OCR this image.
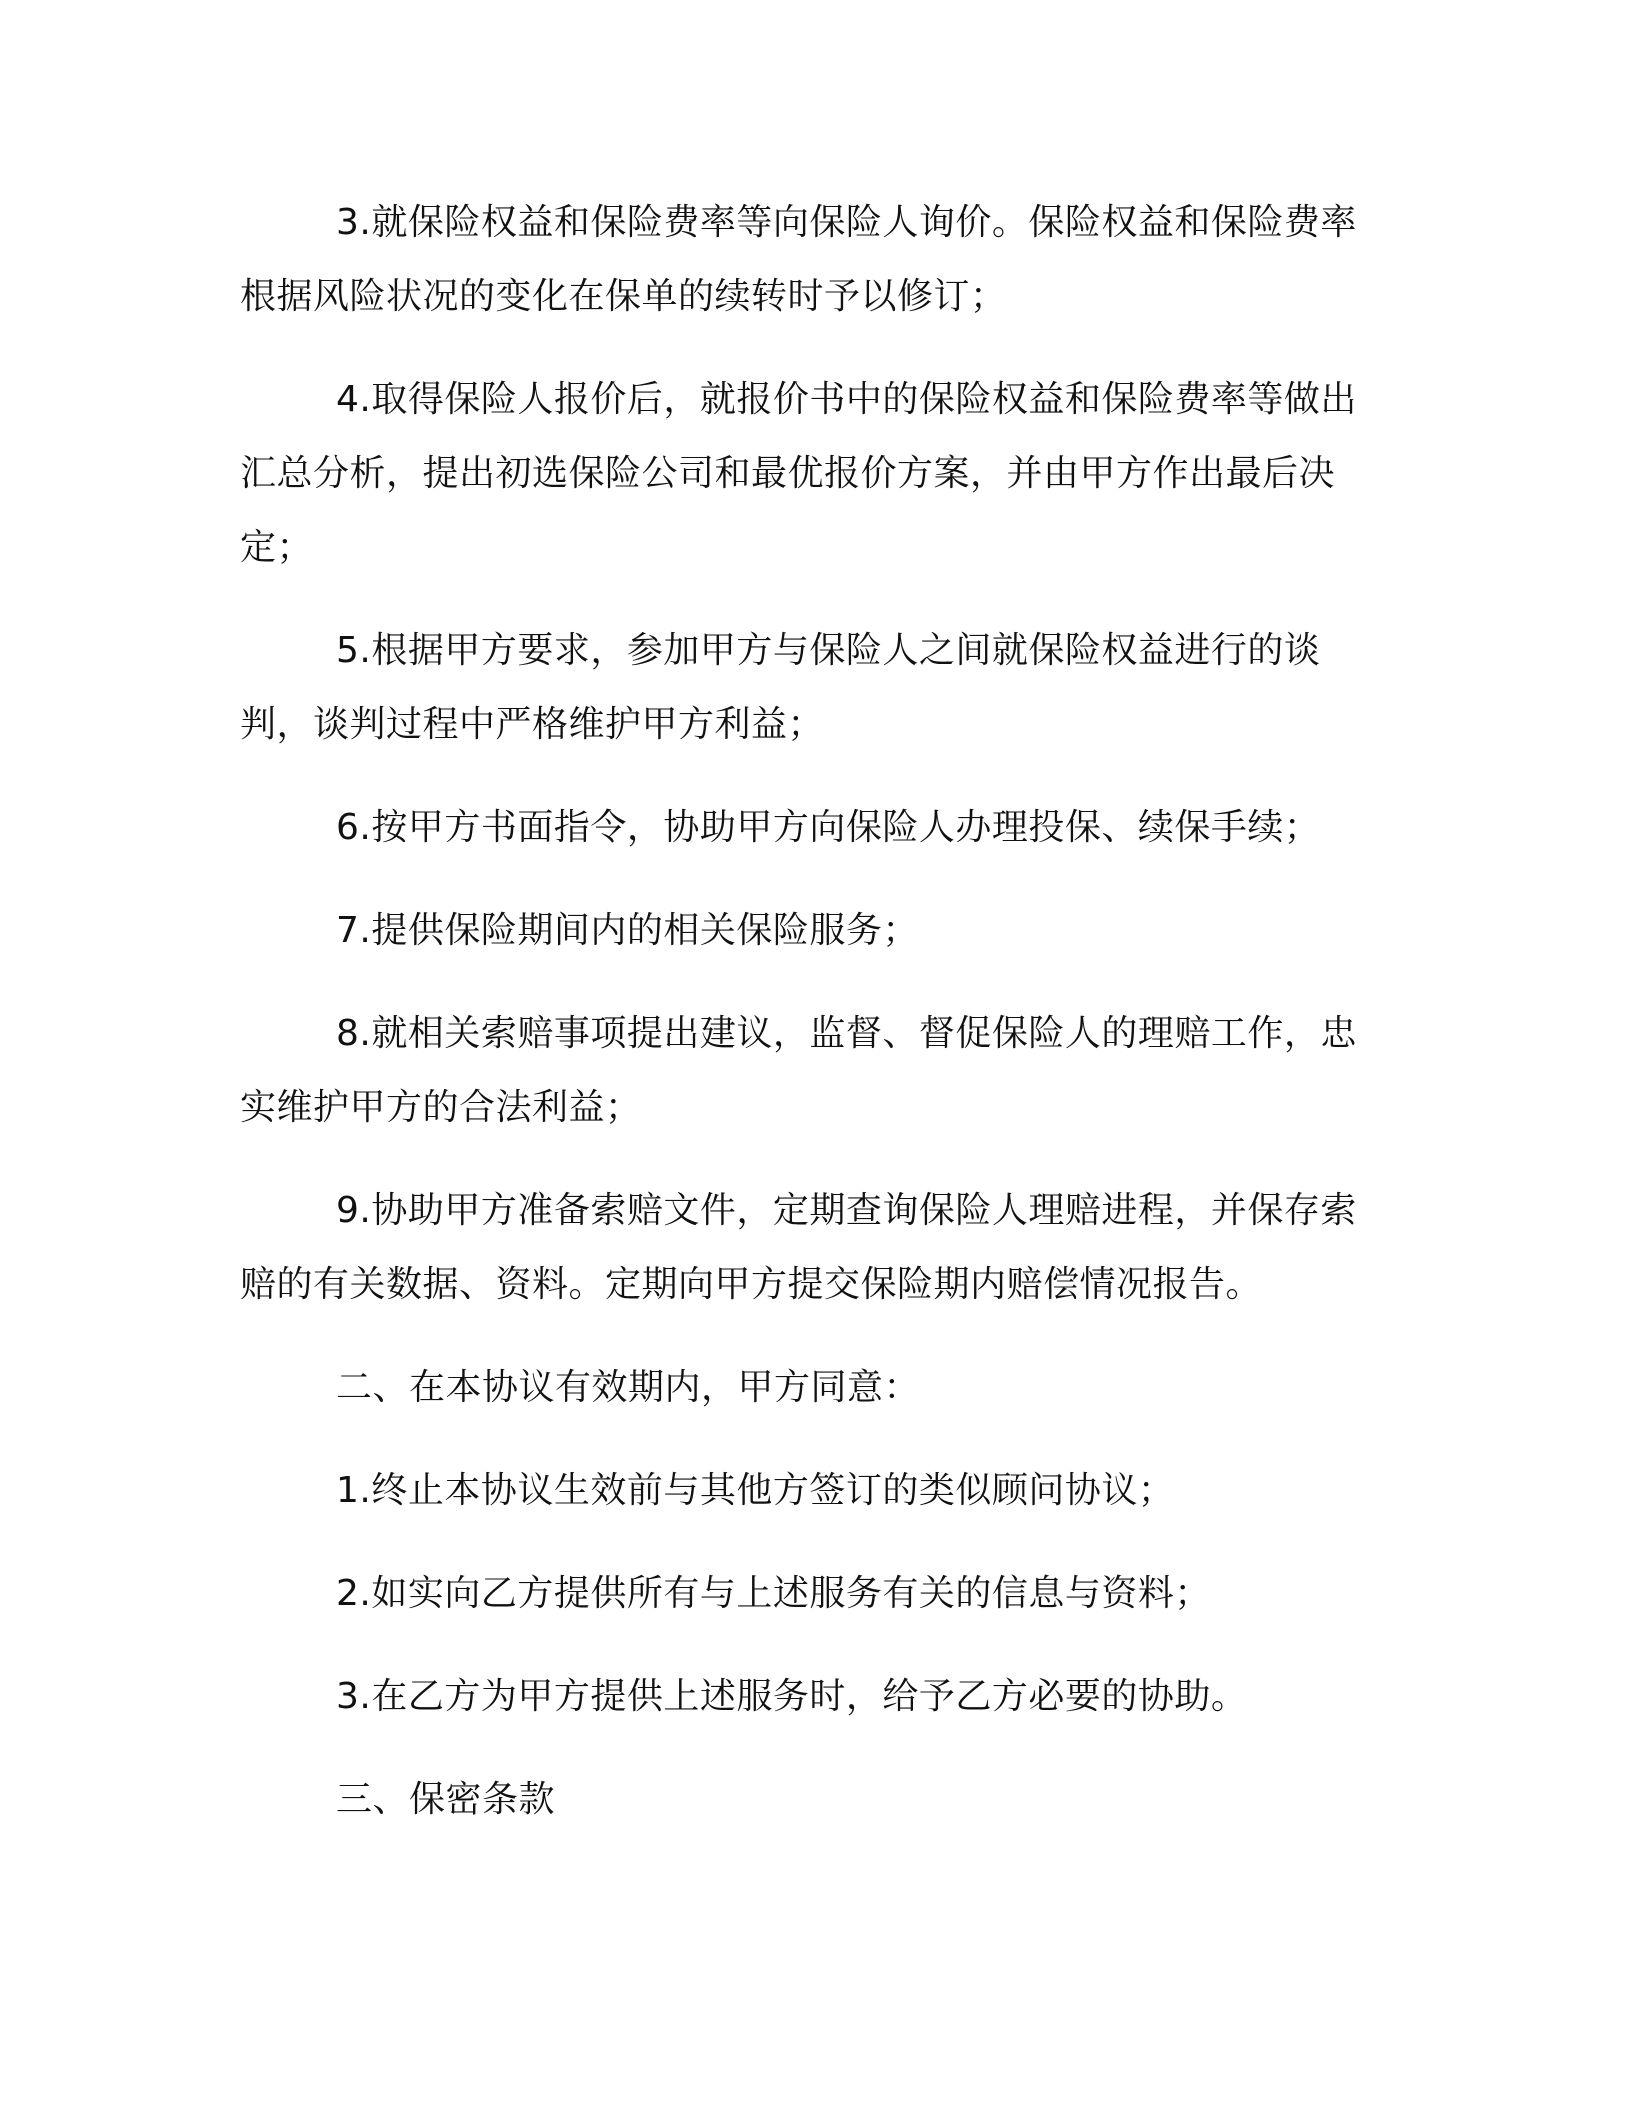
3.就保险权益和保险费率等向保险人询价。保险权益和保险费率根据风险状况的变化在保单的续转时予以修订；

4.取得保险人报价后，就报价书中的保险权益和保险费率等做出汇总分析，提出初选保险公司和最优报价方案，并由甲方作出最后决定；

5.根据甲方要求，参加甲方与保险人之间就保险权益进行的谈判，谈判过程中严格维护甲方利益；

6.按甲方书面指令，协助甲方向保险人办理投保、续保手续；

7.提供保险期间内的相关保险服务；

8.就相关索赔事项提出建议，监督、督促保险人的理赔工作，忠实维护甲方的合法利益；

9.协助甲方准备索赔文件，定期查询保险人理赔进程，并保存索赔的有关数据、资料。定期向甲方提交保险期内赔偿情况报告。

二、在本协议有效期内，甲方同意：

1.终止本协议生效前与其他方签订的类似顾问协议；

2.如实向乙方提供所有与上述服务有关的信息与资料；

3.在乙方为甲方提供上述服务时，给予乙方必要的协助。

三、保密条款
